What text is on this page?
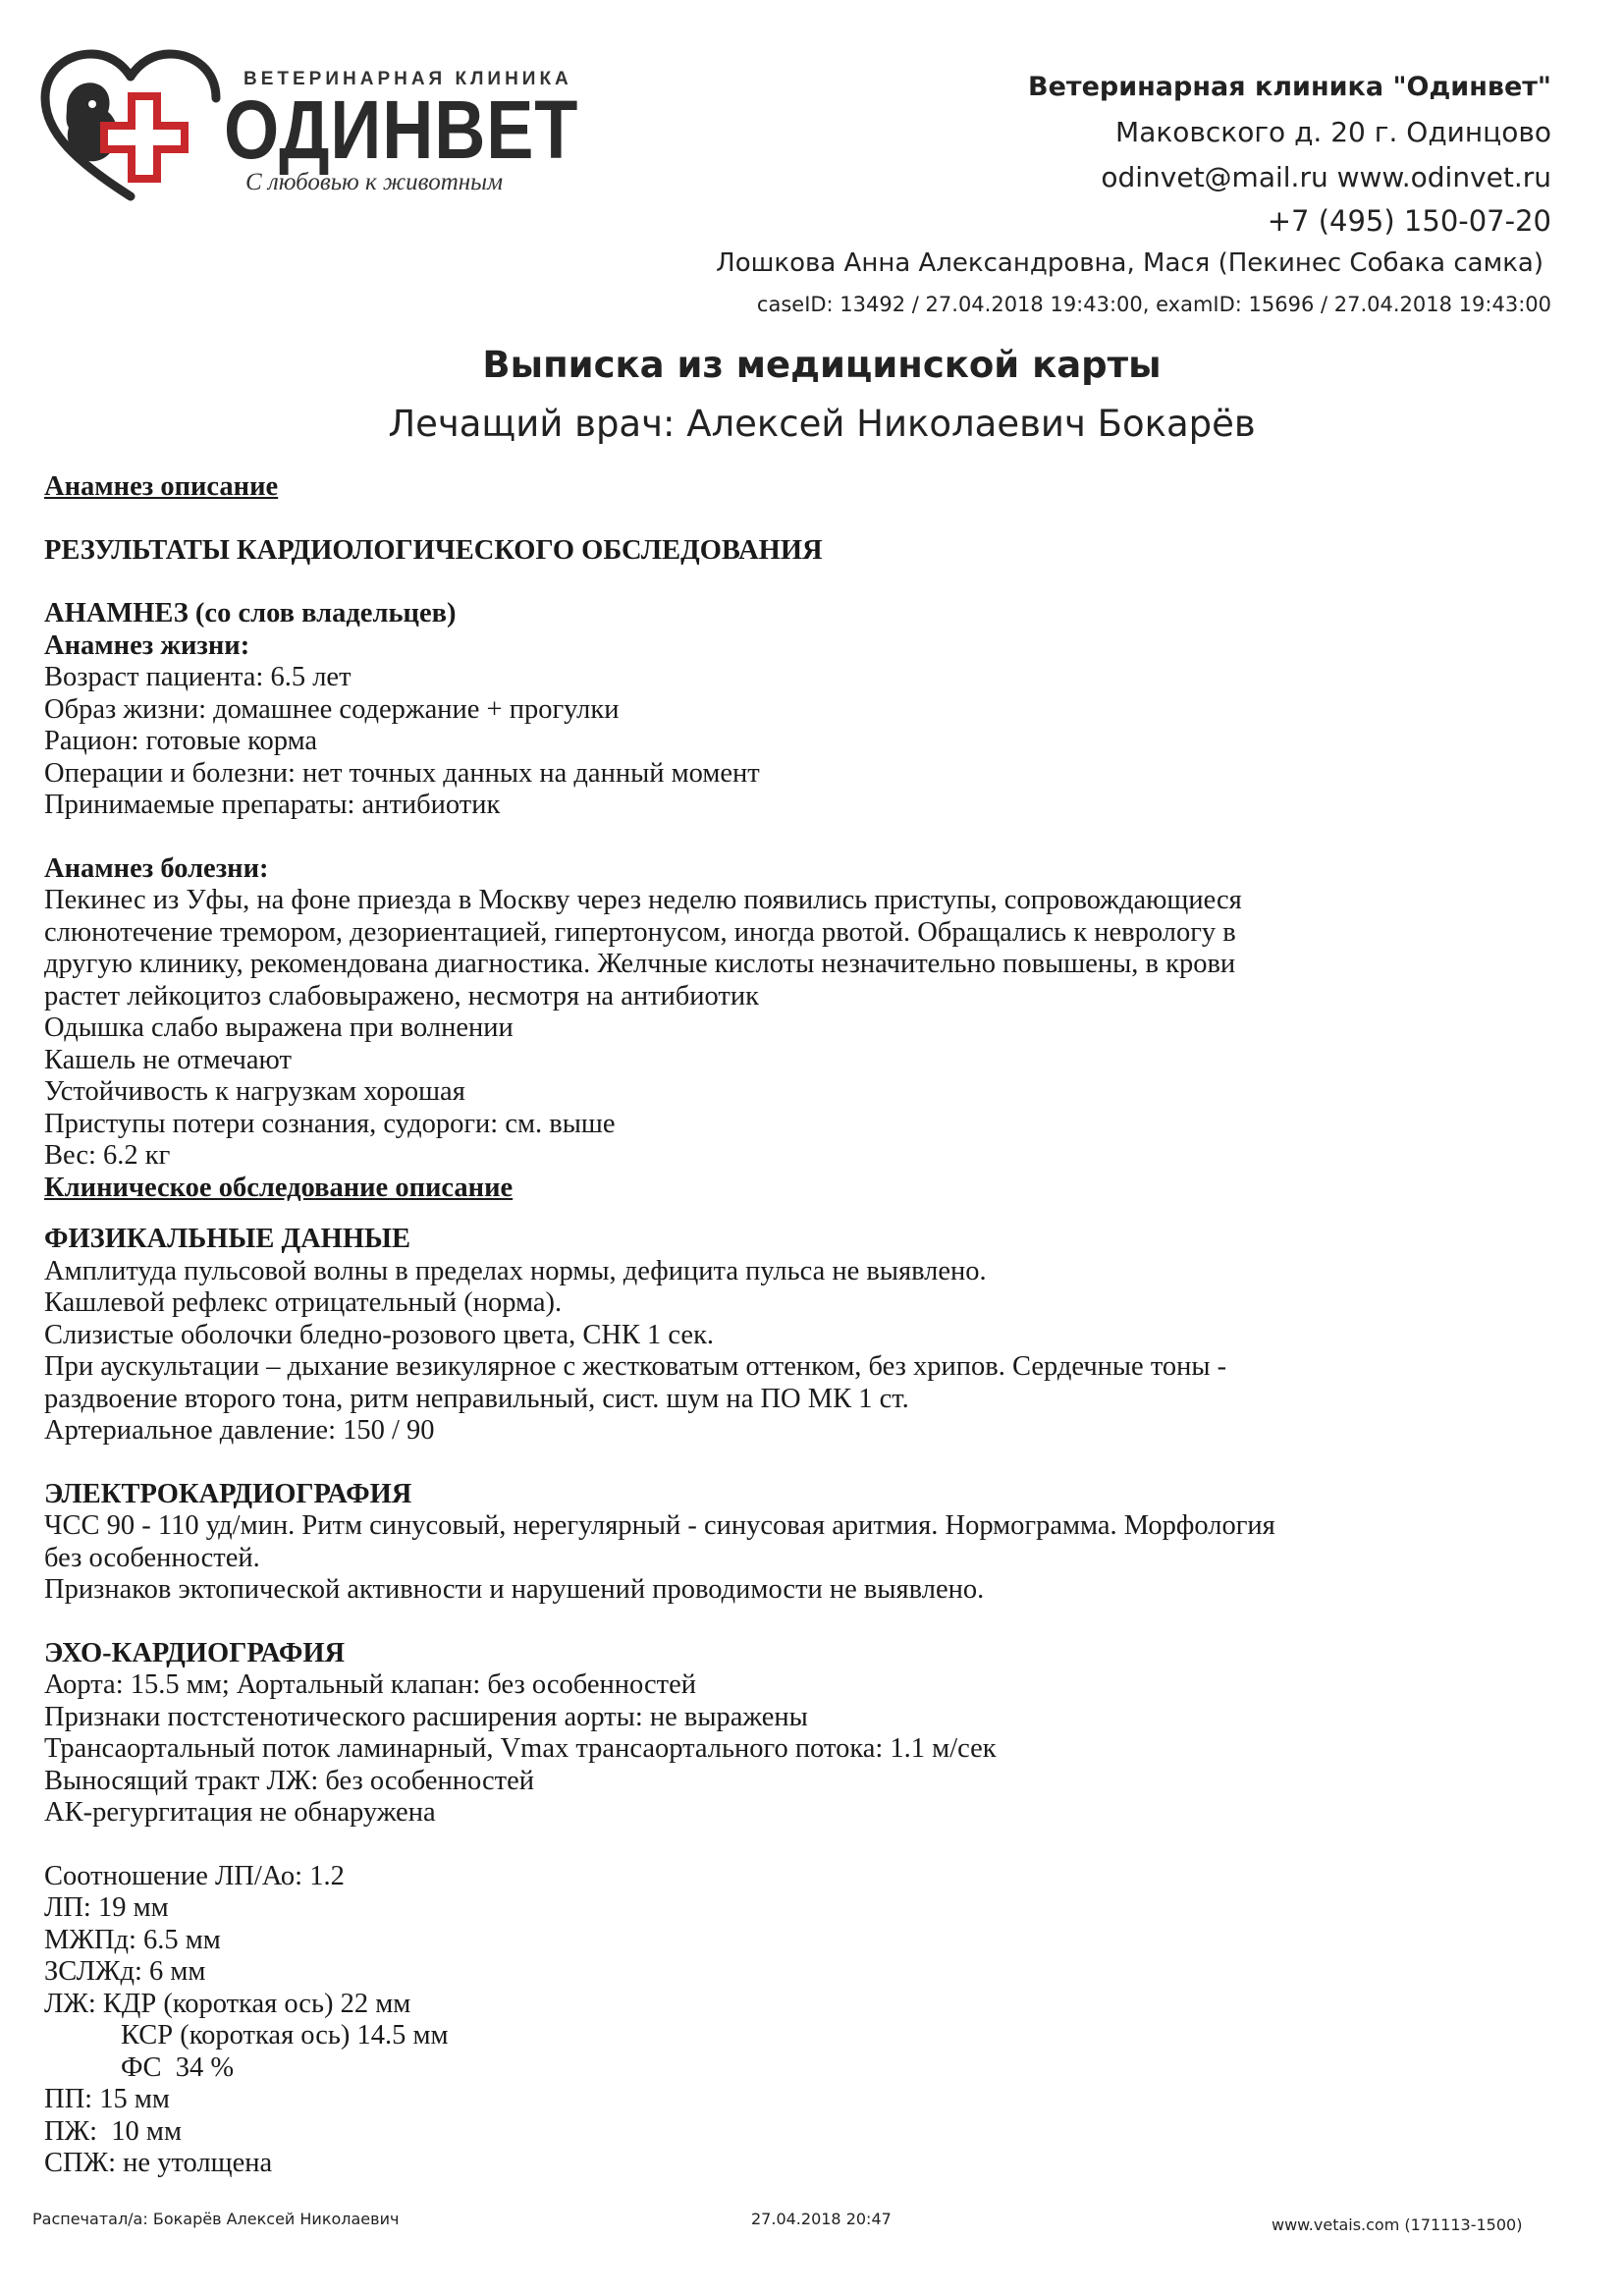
ВЕТЕРИНАРНАЯ КЛИНИКА
ОДИНВЕТ
С любовью к животным
Ветеринарная клиника "Одинвет"
Маковского д. 20 г. Одинцово
odinvet@mail.ru www.odinvet.ru
+7 (495) 150-07-20
Лошкова Анна Александровна, Мася (Пекинес Собака самка)
caseID: 13492 / 27.04.2018 19:43:00, examID: 15696 / 27.04.2018 19:43:00
Выписка из медицинской карты
Лечащий врач: Алексей Николаевич Бокарёв
Анамнез описание
РЕЗУЛЬТАТЫ КАРДИОЛОГИЧЕСКОГО ОБСЛЕДОВАНИЯ
АНАМНЕЗ (со слов владельцев)
Анамнез жизни:
Возраст пациента: 6.5 лет
Образ жизни: домашнее содержание + прогулки
Рацион: готовые корма
Операции и болезни: нет точных данных на данный момент
Принимаемые препараты: антибиотик
Анамнез болезни:
Пекинес из Уфы, на фоне приезда в Москву через неделю появились приступы, сопровождающиеся
слюнотечение тремором, дезориентацией, гипертонусом, иногда рвотой. Обращались к неврологу в
другую клинику, рекомендована диагностика. Желчные кислоты незначительно повышены, в крови
растет лейкоцитоз слабовыражено, несмотря на антибиотик
Одышка слабо выражена при волнении
Кашель не отмечают
Устойчивость к нагрузкам хорошая
Приступы потери сознания, судороги: см. выше
Вес: 6.2 кг
Клиническое обследование описание
ФИЗИКАЛЬНЫЕ ДАННЫЕ
Амплитуда пульсовой волны в пределах нормы, дефицита пульса не выявлено.
Кашлевой рефлекс отрицательный (норма).
Слизистые оболочки бледно-розового цвета, СНК 1 сек.
При аускультации – дыхание везикулярное с жестковатым оттенком, без хрипов. Сердечные тоны -
раздвоение второго тона, ритм неправильный, сист. шум на ПО МК 1 ст.
Артериальное давление: 150 / 90
ЭЛЕКТРОКАРДИОГРАФИЯ
ЧСС 90 - 110 уд/мин. Ритм синусовый, нерегулярный - синусовая аритмия. Нормограмма. Морфология
без особенностей.
Признаков эктопической активности и нарушений проводимости не выявлено.
ЭХО-КАРДИОГРАФИЯ
Аорта: 15.5 мм; Аортальный клапан: без особенностей
Признаки постстенотического расширения аорты: не выражены
Трансаортальный поток ламинарный, Vmax трансаортального потока: 1.1 м/сек
Выносящий тракт ЛЖ: без особенностей
АК-регургитация не обнаружена
Соотношение ЛП/Ао: 1.2
ЛП: 19 мм
МЖПд: 6.5 мм
ЗСЛЖд: 6 мм
ЛЖ: КДР (короткая ось) 22 мм
КСР (короткая ось) 14.5 мм
ФС  34 %
ПП: 15 мм
ПЖ:  10 мм
СПЖ: не утолщена
Распечатал/а: Бокарёв Алексей Николаевич	27.04.2018 20:47	www.vetais.com (171113-1500)
